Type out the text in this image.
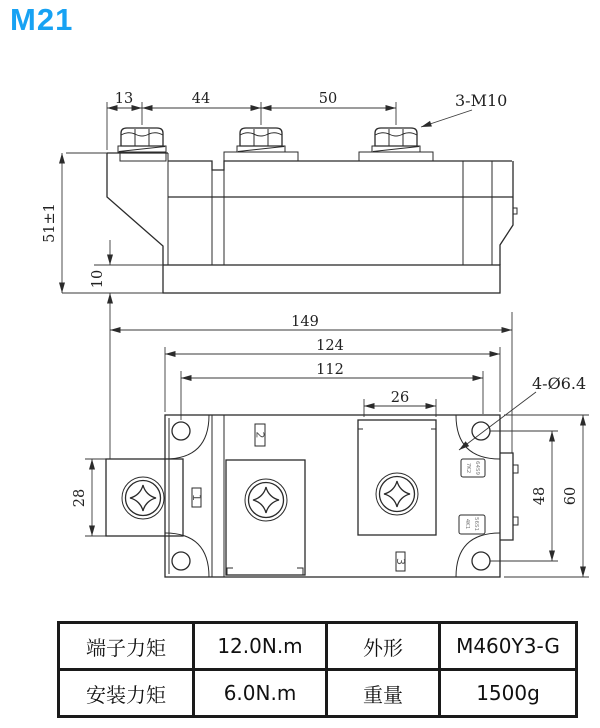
M21
13	44	50	3-M10
51±1
10
149
124
112
26
4-Ø6.4
28	48 60
7K2 64S9
4K1 56S1
2
1
3
端子力矩	12.0N.m	外形	M460Y3-G
安装力矩	6.0N.m	重量	1500g
